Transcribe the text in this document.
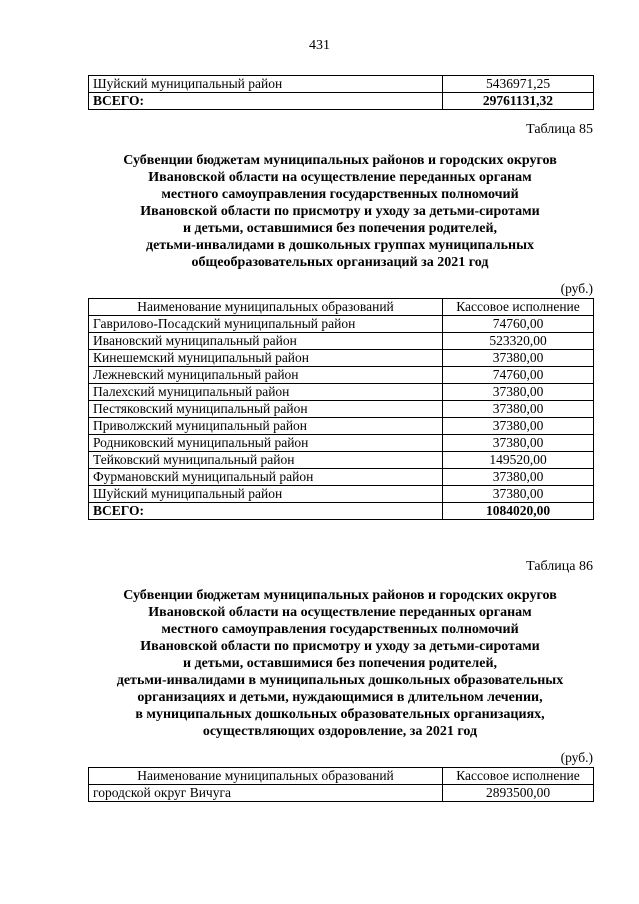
431
Шуйский муниципальный район	5436971,25
ВСЕГО:	29761131,32
Таблица 85
Субвенции бюджетам муниципальных районов и городских округов
Ивановской области на осуществление переданных органам
местного самоуправления государственных полномочий
Ивановской области по присмотру и уходу за детьми-сиротами
и детьми, оставшимися без попечения родителей,
детьми-инвалидами в дошкольных группах муниципальных
общеобразовательных организаций за 2021 год
(руб.)
Наименование муниципальных образований	Кассовое исполнение
Гаврилово-Посадский муниципальный район	74760,00
Ивановский муниципальный район	523320,00
Кинешемский муниципальный район	37380,00
Лежневский муниципальный район	74760,00
Палехский муниципальный район	37380,00
Пестяковский муниципальный район	37380,00
Приволжский муниципальный район	37380,00
Родниковский муниципальный район	37380,00
Тейковский муниципальный район	149520,00
Фурмановский муниципальный район	37380,00
Шуйский муниципальный район	37380,00
ВСЕГО:	1084020,00
Таблица 86
Субвенции бюджетам муниципальных районов и городских округов
Ивановской области на осуществление переданных органам
местного самоуправления государственных полномочий
Ивановской области по присмотру и уходу за детьми-сиротами
и детьми, оставшимися без попечения родителей,
детьми-инвалидами в муниципальных дошкольных образовательных
организациях и детьми, нуждающимися в длительном лечении,
в муниципальных дошкольных образовательных организациях,
осуществляющих оздоровление, за 2021 год
(руб.)
Наименование муниципальных образований	Кассовое исполнение
городской округ Вичуга	2893500,00
